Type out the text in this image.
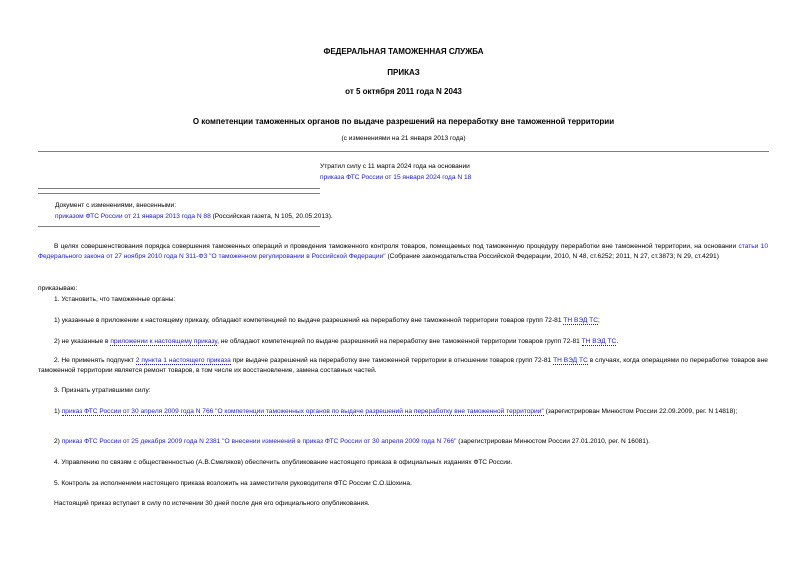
ФЕДЕРАЛЬНАЯ ТАМОЖЕННАЯ СЛУЖБА
ПРИКАЗ
от 5 октября 2011 года N 2043
О компетенции таможенных органов по выдаче разрешений на переработку вне таможенной территории
(с изменениями на 21 января 2013 года)
Утратил силу с 11 марта 2024 года на основании
приказа ФТС России от 15 января 2024 года N 18
Документ с изменениями, внесенными:
приказом ФТС России от 21 января 2013 года N 88 (Российская газета, N 105, 20.05.2013).
В целях совершенствования порядка совершения таможенных операций и проведения таможенного контроля товаров, помещаемых под таможенную процедуру переработки вне таможенной территории, на основании статьи 10 Федерального закона от 27 ноября 2010 года N 311-ФЗ "О таможенном регулировании в Российской Федерации" (Собрание законодательства Российской Федерации, 2010, N 48, ст.6252; 2011, N 27, ст.3873; N 29, ст.4291)
приказываю:
1. Установить, что таможенные органы:
1) указанные в приложении к настоящему приказу, обладают компетенцией по выдаче разрешений на переработку вне таможенной территории товаров групп 72-81 ТН ВЭД ТС;
2) не указанные в приложении к настоящему приказу, не обладают компетенцией по выдаче разрешений на переработку вне таможенной территории товаров групп 72-81 ТН ВЭД ТС.
2. Не применять подпункт 2 пункта 1 настоящего приказа при выдаче разрешений на переработку вне таможенной территории в отношении товаров групп 72-81 ТН ВЭД ТС в случаях, когда операциями по переработке товаров вне таможенной территории является ремонт товаров, в том числе их восстановление, замена составных частей.
3. Признать утратившими силу:
1) приказ ФТС России от 30 апреля 2009 года N 766 "О компетенции таможенных органов по выдаче разрешений на переработку вне таможенной территории" (зарегистрирован Минюстом России 22.09.2009, рег. N 14818);
2) приказ ФТС России от 25 декабря 2009 года N 2381 "О внесении изменений в приказ ФТС России от 30 апреля 2009 года N 766" (зарегистрирован Минюстом России 27.01.2010, рег. N 16081).
4. Управлению по связям с общественностью (А.В.Смеляков) обеспечить опубликование настоящего приказа в официальных изданиях ФТС России.
5. Контроль за исполнением настоящего приказа возложить на заместителя руководителя ФТС России С.О.Шохина.
Настоящий приказ вступает в силу по истечении 30 дней после дня его официального опубликования.
